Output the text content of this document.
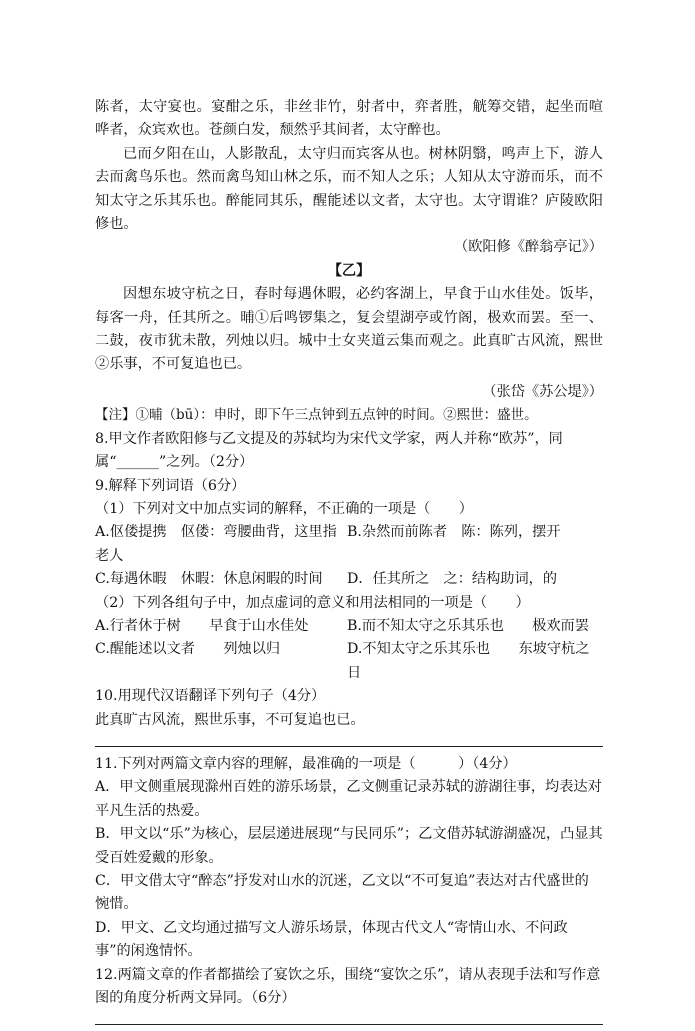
陈者，太守宴也。宴酣之乐，非丝非竹，射者中，弈者胜，觥筹交错，起坐而喧哗者，众宾欢也。苍颜白发，颓然乎其间者，太守醉也。

已而夕阳在山，人影散乱，太守归而宾客从也。树林阴翳，鸣声上下，游人去而禽鸟乐也。然而禽鸟知山林之乐，而不知人之乐；人知从太守游而乐，而不知太守之乐其乐也。醉能同其乐，醒能述以文者，太守也。太守谓谁？庐陵欧阳修也。

（欧阳修《醉翁亭记》）

【乙】

因想东坡守杭之日，春时每遇休暇，必约客湖上，早食于山水佳处。饭毕，每客一舟，任其所之。晡①后鸣锣集之，复会望湖亭或竹阁，极欢而罢。至一、二鼓，夜市犹未散，列烛以归。城中士女夹道云集而观之。此真旷古风流，熙世②乐事，不可复追也已。

（张岱《苏公堤》）

【注】①晡（bū）：申时，即下午三点钟到五点钟的时间。②熙世：盛世。

8.甲文作者欧阳修与乙文提及的苏轼均为宋代文学家，两人并称“欧苏”，同属“______”之列。（2分）

9.解释下列词语（6分）

（1）下列对文中加点实词的解释，不正确的一项是（　　）

A.伛偻提携　伛偻：弯腰曲背，这里指老人
B.杂然而前陈者　陈：陈列，摆开
C.每遇休暇　休暇：休息闲暇的时间	D．任其所之　之：结构助词，的

（2）下列各组句子中，加点虚词的意义和用法相同的一项是（　　）

A.行者休于树　　早食于山水佳处	B.而不知太守之乐其乐也　　极欢而罢
C.醒能述以文者　　列烛以归	D.不知太守之乐其乐也　　东坡守杭之日

10.用现代汉语翻译下列句子（4分）

此真旷古风流，熙世乐事，不可复追也已。

11.下列对两篇文章内容的理解，最准确的一项是（　　　）（4分）

A．甲文侧重展现滁州百姓的游乐场景，乙文侧重记录苏轼的游湖往事，均表达对平凡生活的热爱。

B．甲文以“乐”为核心，层层递进展现“与民同乐”；乙文借苏轼游湖盛况，凸显其受百姓爱戴的形象。

C．甲文借太守“醉态”抒发对山水的沉迷，乙文以“不可复追”表达对古代盛世的惋惜。

D．甲文、乙文均通过描写文人游乐场景，体现古代文人“寄情山水、不问政事”的闲逸情怀。

12.两篇文章的作者都描绘了宴饮之乐，围绕“宴饮之乐”，请从表现手法和写作意图的角度分析两文异同。（6分）
